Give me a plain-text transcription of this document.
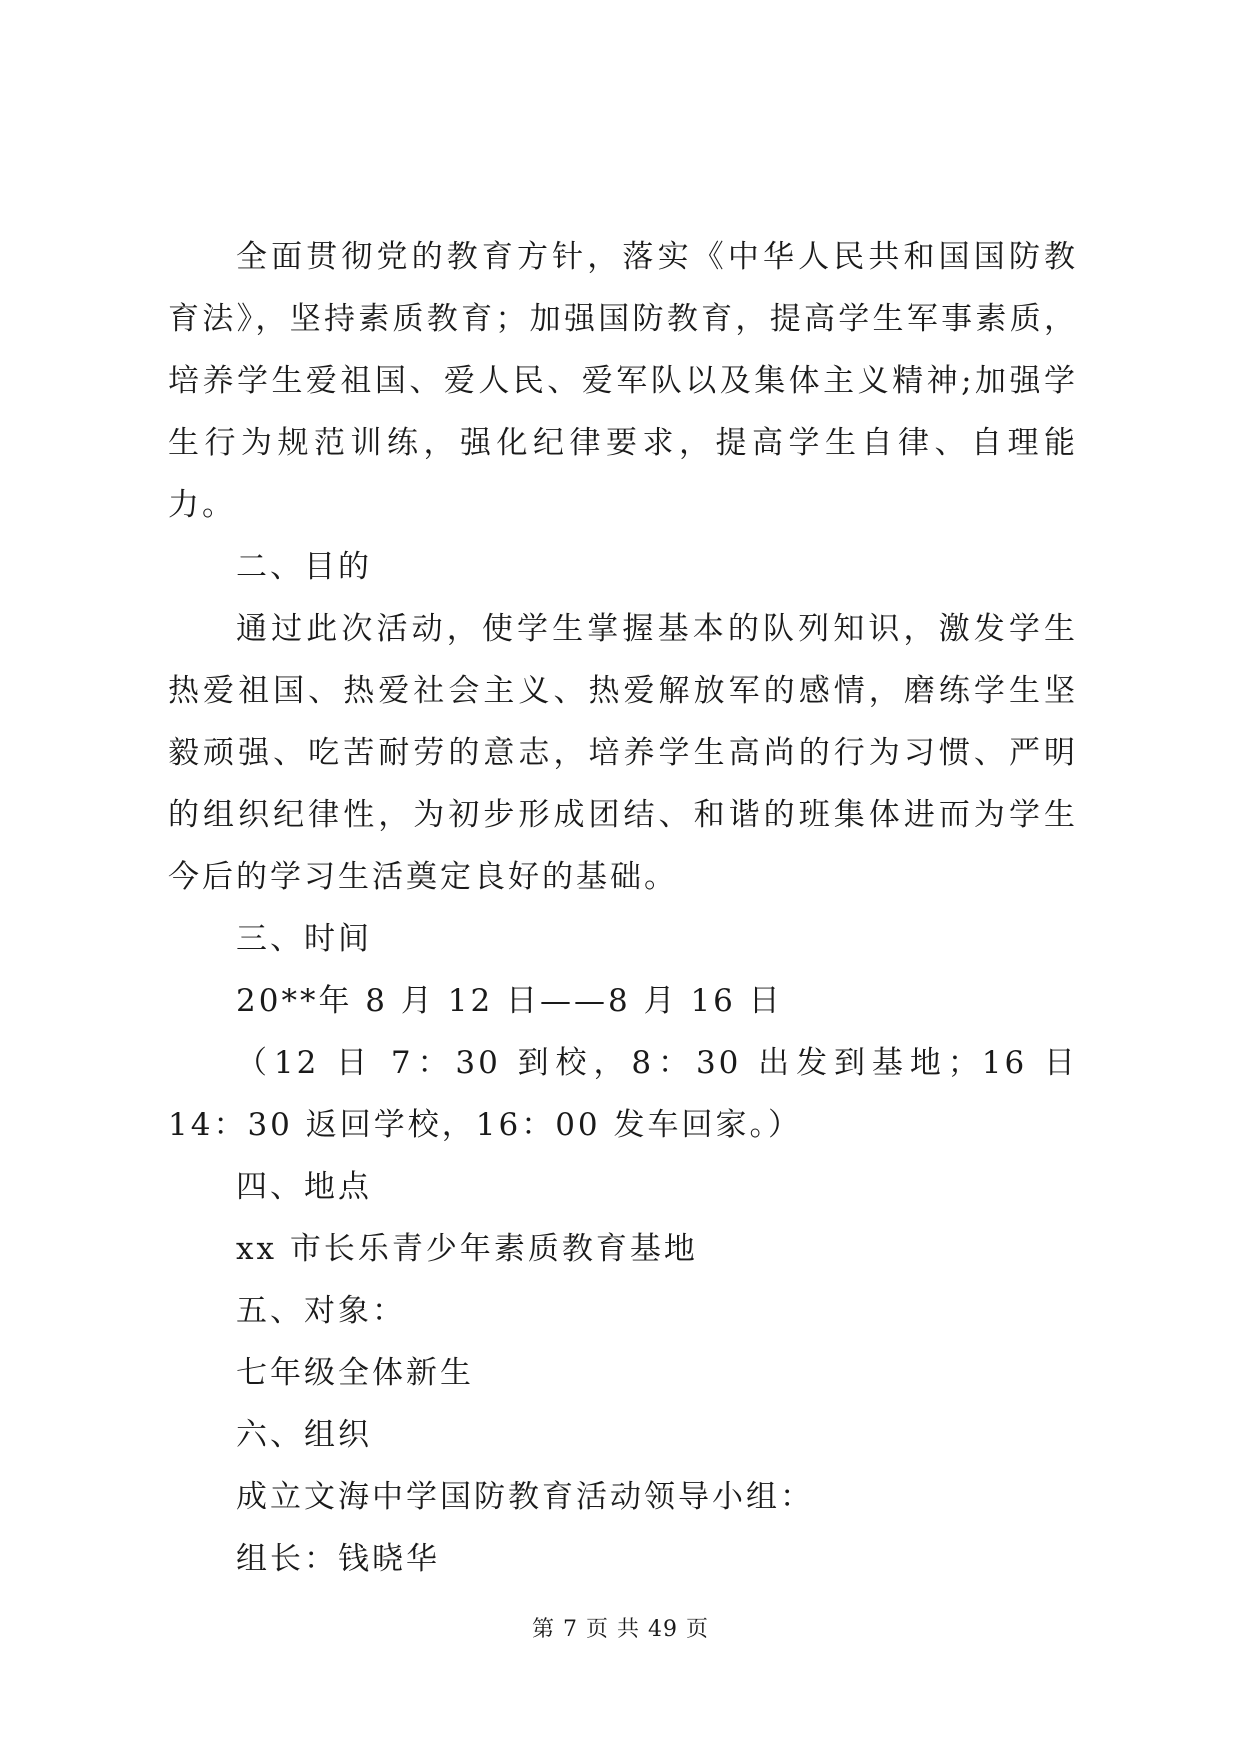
全面贯彻党的教育方针，落实《中华人民共和国国防教育法》，坚持素质教育；加强国防教育，提高学生军事素质，培养学生爱祖国、爱人民、爱军队以及集体主义精神;加强学生行为规范训练，强化纪律要求，提高学生自律、自理能力。

二、目的

通过此次活动，使学生掌握基本的队列知识，激发学生热爱祖国、热爱社会主义、热爱解放军的感情，磨练学生坚毅顽强、吃苦耐劳的意志，培养学生高尚的行为习惯、严明的组织纪律性，为初步形成团结、和谐的班集体进而为学生今后的学习生活奠定良好的基础。

三、时间

20**年 8 月 12 日——8 月 16 日

（12 日 7：30 到校，8：30 出发到基地；16 日 14：30 返回学校，16：00 发车回家。）

四、地点

xx 市长乐青少年素质教育基地

五、对象：

七年级全体新生

六、组织

成立文海中学国防教育活动领导小组：

组长：钱晓华

第 7 页 共 49 页
